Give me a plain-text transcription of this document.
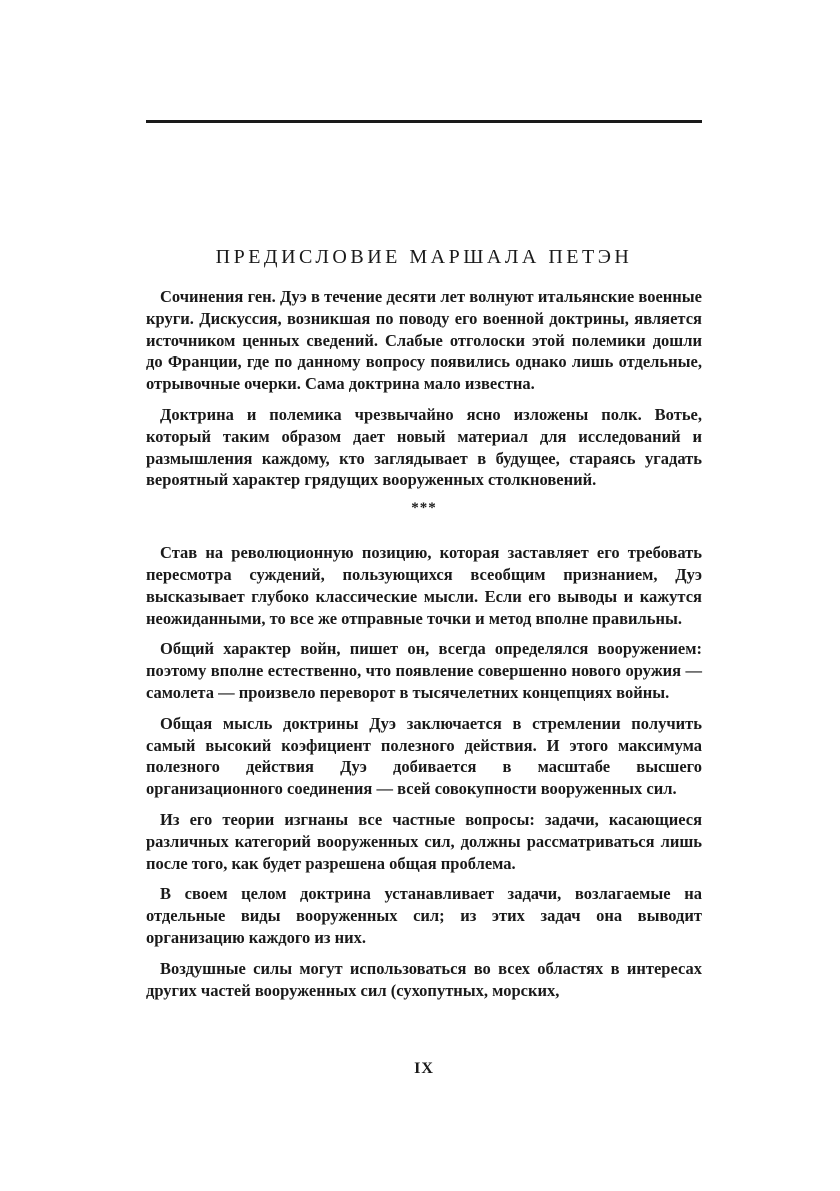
ПРЕДИСЛОВИЕ МАРШАЛА ПЕТЭН

Сочинения ген. Дуэ в течение десяти лет волнуют итальянские военные круги. Дискуссия, возникшая по поводу его военной доктрины, является источником ценных сведений. Слабые отголоски этой полемики дошли до Франции, где по данному вопросу появились однако лишь отдельные, отрывочные очерки. Сама доктрина мало известна.

Доктрина и полемика чрезвычайно ясно изложены полк. Вотье, который таким образом дает новый материал для исследований и размышления каждому, кто заглядывает в будущее, стараясь угадать вероятный характер грядущих вооруженных столкновений.

***

Став на революционную позицию, которая заставляет его требовать пересмотра суждений, пользующихся всеобщим признанием, Дуэ высказывает глубоко классические мысли. Если его выводы и кажутся неожиданными, то все же отправные точки и метод вполне правильны.

Общий характер войн, пишет он, всегда определялся вооружением: поэтому вполне естественно, что появление совершенно нового оружия — самолета — произвело переворот в тысячелетних концепциях войны.

Общая мысль доктрины Дуэ заключается в стремлении получить самый высокий коэфициент полезного действия. И этого максимума полезного действия Дуэ добивается в масштабе высшего организационного соединения — всей совокупности вооруженных сил.

Из его теории изгнаны все частные вопросы: задачи, касающиеся различных категорий вооруженных сил, должны рассматриваться лишь после того, как будет разрешена общая проблема.

В своем целом доктрина устанавливает задачи, возлагаемые на отдельные виды вооруженных сил; из этих задач она выводит организацию каждого из них.

Воздушные силы могут использоваться во всех областях в интересах других частей вооруженных сил (сухопутных, морских,

IX
